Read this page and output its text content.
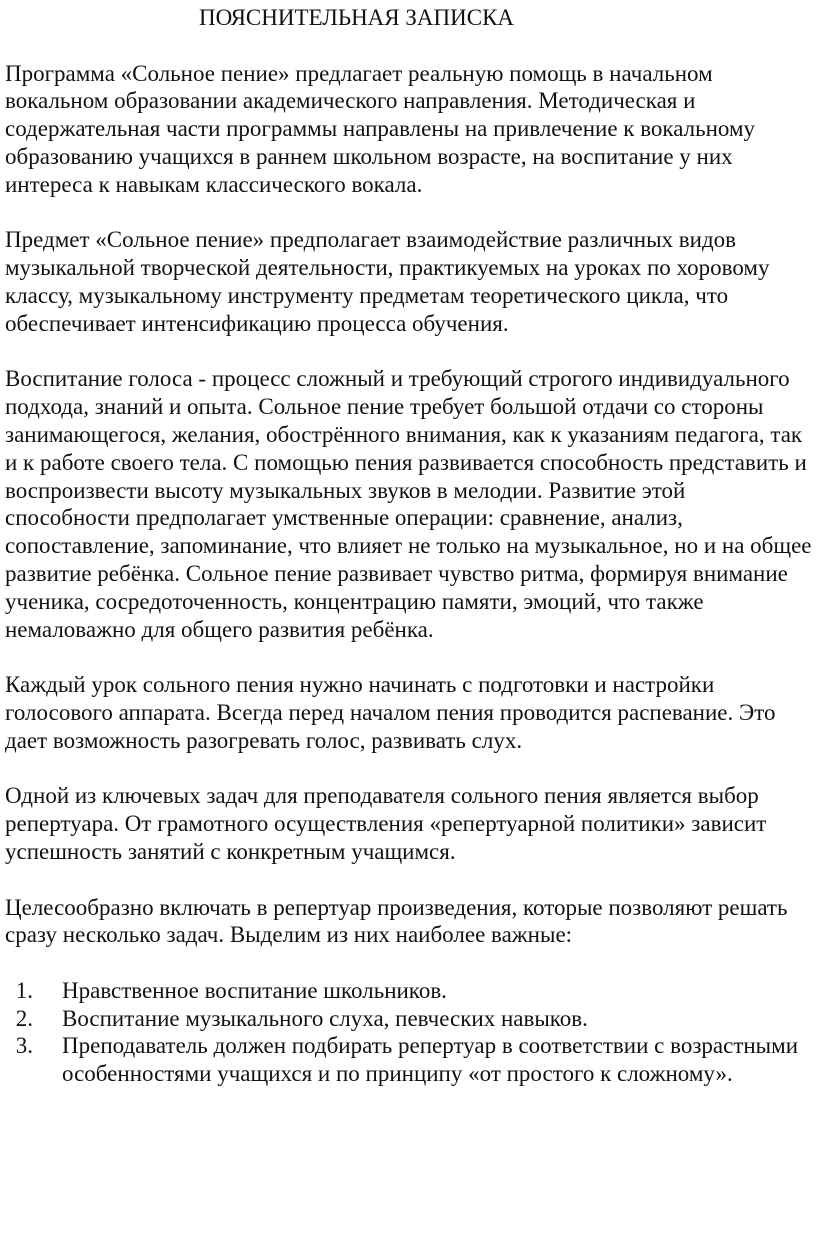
ПОЯСНИТЕЛЬНАЯ ЗАПИСКА

Программа «Сольное пение» предлагает реальную помощь в начальном вокальном образовании академического направления. Методическая и содержательная части программы направлены на привлечение к вокальному образованию учащихся в раннем школьном возрасте, на воспитание у них интереса к навыкам классического вокала.

Предмет «Сольное пение» предполагает взаимодействие различных видов музыкальной творческой деятельности, практикуемых на уроках по хоровому классу, музыкальному инструменту предметам теоретического цикла, что обеспечивает интенсификацию процесса обучения.

Воспитание голоса - процесс сложный и требующий строгого индивидуального подхода, знаний и опыта. Сольное пение требует большой отдачи со стороны занимающегося, желания, обострённого внимания, как к указаниям педагога, так и к работе своего тела. С помощью пения развивается способность представить и воспроизвести высоту музыкальных звуков в мелодии. Развитие этой способности предполагает умственные операции: сравнение, анализ, сопоставление, запоминание, что влияет не только на музыкальное, но и на общее развитие ребёнка. Сольное пение развивает чувство ритма, формируя внимание ученика, сосредоточенность, концентрацию памяти, эмоций, что также немаловажно для общего развития ребёнка.

Каждый урок сольного пения нужно начинать с подготовки и настройки голосового аппарата. Всегда перед началом пения проводится распевание. Это дает возможность разогревать голос, развивать слух.

Одной из ключевых задач для преподавателя сольного пения является выбор репертуара. От грамотного осуществления «репертуарной политики» зависит успешность занятий с конкретным учащимся.

Целесообразно включать в репертуар произведения, которые позволяют решать сразу несколько задач. Выделим из них наиболее важные:

1.	Нравственное воспитание школьников.
2.	Воспитание музыкального слуха, певческих навыков.
3.	Преподаватель должен подбирать репертуар в соответствии с возрастными особенностями учащихся и по принципу «от простого к сложному».
